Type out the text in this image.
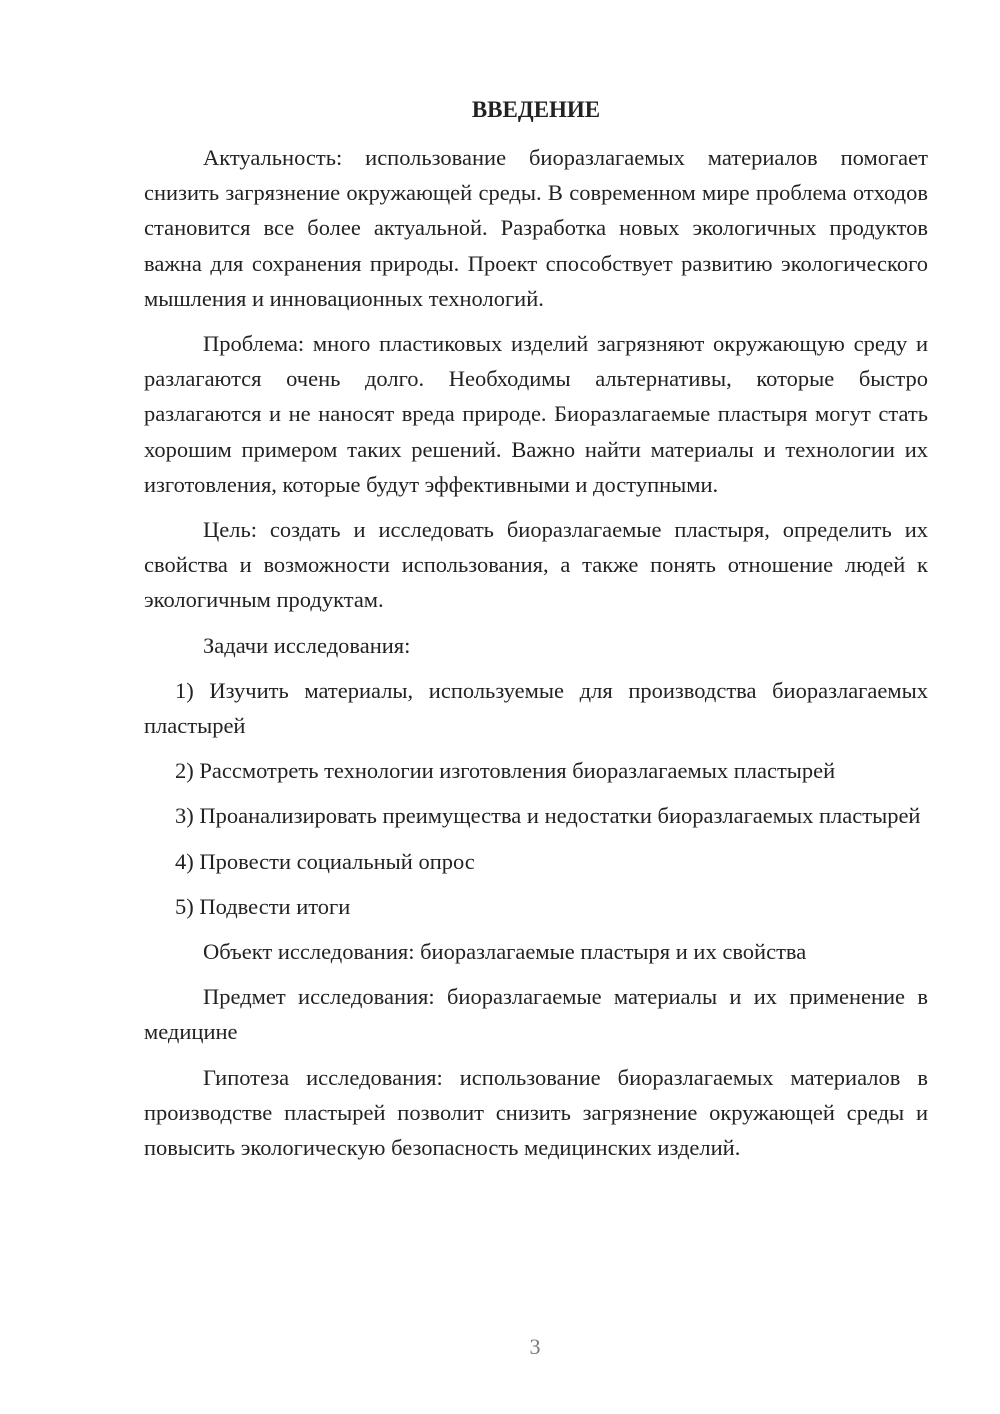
ВВЕДЕНИЕ

Актуальность: использование биоразлагаемых материалов помогает снизить загрязнение окружающей среды. В современном мире проблема отходов становится все более актуальной. Разработка новых экологичных продуктов важна для сохранения природы. Проект способствует развитию экологического мышления и инновационных технологий.

Проблема: много пластиковых изделий загрязняют окружающую среду и разлагаются очень долго. Необходимы альтернативы, которые быстро разлагаются и не наносят вреда природе. Биоразлагаемые пластыря могут стать хорошим примером таких решений. Важно найти материалы и технологии их изготовления, которые будут эффективными и доступными.

Цель: создать и исследовать биоразлагаемые пластыря, определить их свойства и возможности использования, а также понять отношение людей к экологичным продуктам.

Задачи исследования:

1) Изучить материалы, используемые для производства биоразлагаемых пластырей

2) Рассмотреть технологии изготовления биоразлагаемых пластырей

3) Проанализировать преимущества и недостатки биоразлагаемых пластырей

4) Провести социальный опрос

5) Подвести итоги

Объект исследования: биоразлагаемые пластыря и их свойства

Предмет исследования: биоразлагаемые материалы и их применение в медицине

Гипотеза исследования: использование биоразлагаемых материалов в производстве пластырей позволит снизить загрязнение окружающей среды и повысить экологическую безопасность медицинских изделий.

3
